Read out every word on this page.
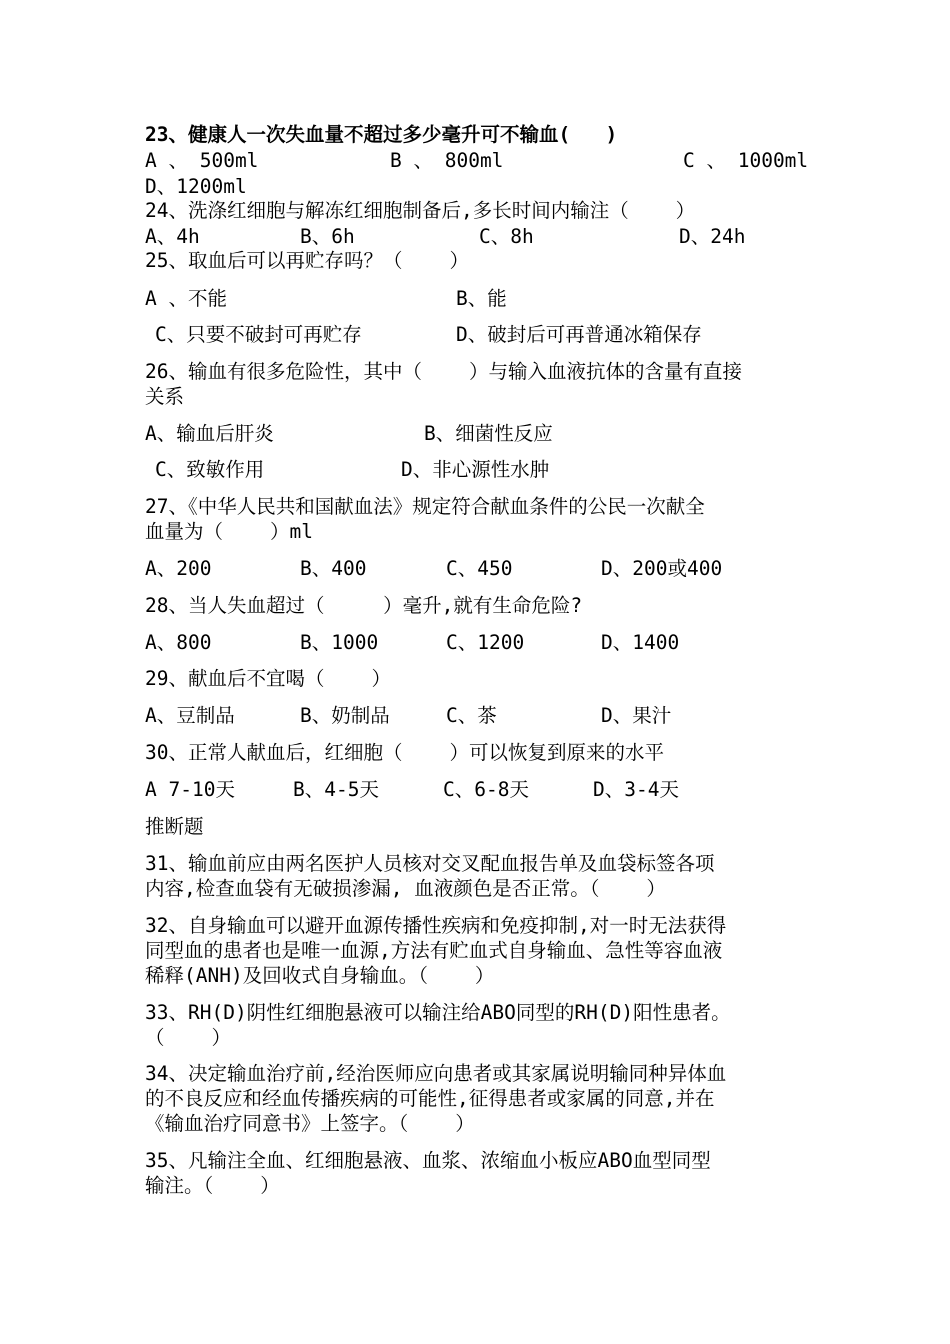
23、健康人一次失血量不超过多少毫升可不输血(   )
A 、 500ml	B 、 800ml	C 、 1000ml
D、1200ml
24、洗涤红细胞与解冻红细胞制备后,多长时间内输注（    ）
A、4h	B、6h	C、8h	D、24h
25、取血后可以再贮存吗？（    ）
A 、不能	B、能
C、只要不破封可再贮存	D、破封后可再普通冰箱保存
26、输血有很多危险性，其中（    ）与输入血液抗体的含量有直接
关系
A、输血后肝炎	B、细菌性反应
C、致敏作用	D、非心源性水肿
27、《中华人民共和国献血法》规定符合献血条件的公民一次献全
血量为（    ）ml
A、200	B、400	C、450	D、200或400
28、当人失血超过（     ）毫升,就有生命危险?
A、800	B、1000	C、1200	D、1400
29、献血后不宜喝（    ）
A、豆制品	B、奶制品	C、茶	D、果汁
30、正常人献血后，红细胞（    ）可以恢复到原来的水平
A 7-10天	B、4-5天	C、6-8天	D、3-4天
推断题
31、输血前应由两名医护人员核对交叉配血报告单及血袋标签各项
内容,检查血袋有无破损渗漏, 血液颜色是否正常。（    ）
32、自身输血可以避开血源传播性疾病和免疫抑制,对一时无法获得
同型血的患者也是唯一血源,方法有贮血式自身输血、急性等容血液
稀释(ANH)及回收式自身输血。（    ）
33、RH(D)阴性红细胞悬液可以输注给ABO同型的RH(D)阳性患者。
（    ）
34、决定输血治疗前,经治医师应向患者或其家属说明输同种异体血
的不良反应和经血传播疾病的可能性,征得患者或家属的同意,并在
《输血治疗同意书》上签字。（    ）
35、凡输注全血、红细胞悬液、血浆、浓缩血小板应ABO血型同型
输注。（    ）
